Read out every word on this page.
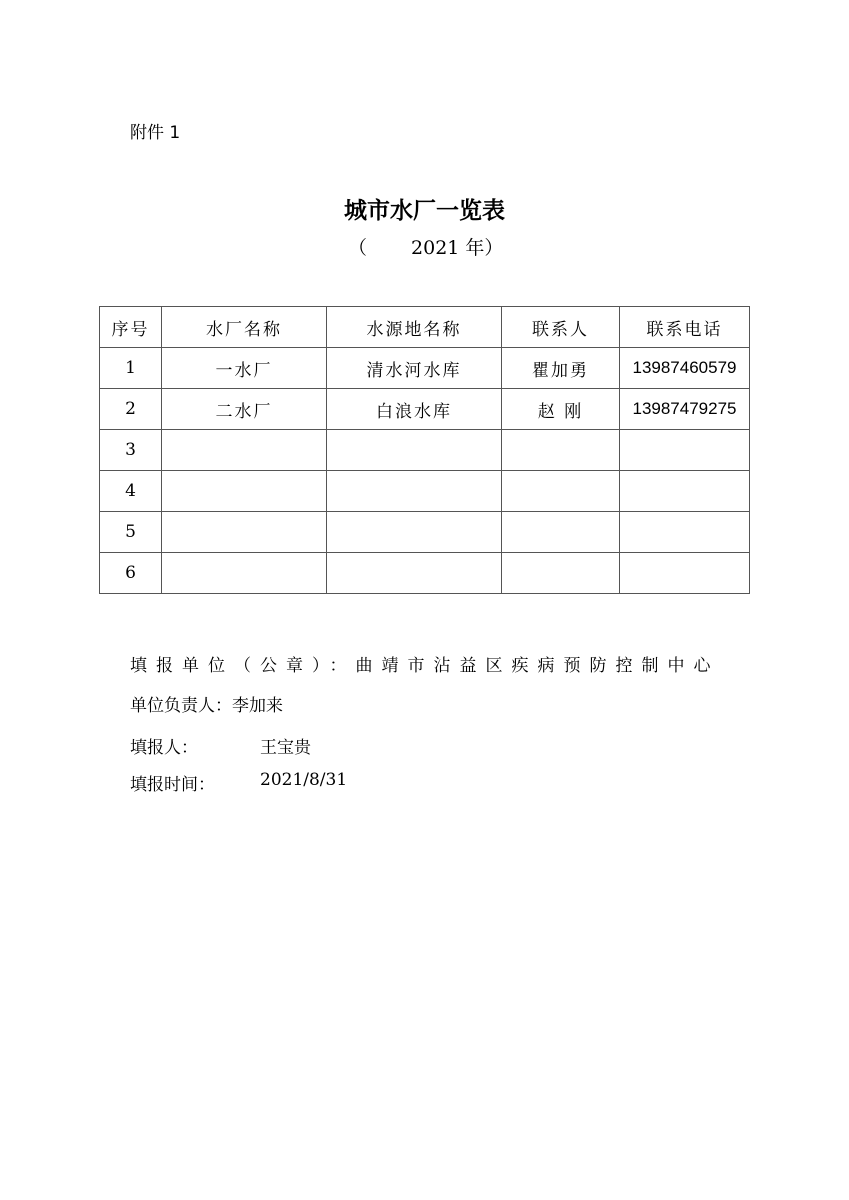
附件 1
城市水厂一览表
（ 2021 年）
序号	水厂名称	水源地名称	联系人	联系电话
1	一水厂	清水河水库	瞿加勇	13987460579
2	二水厂	白浪水库	赵 刚	13987479275
3				
4				
5				
6				
填报单位（公章）：曲靖市沾益区疾病预防控制中心
单位负责人：李加来
填报人：	王宝贵
填报时间：	2021/8/31
